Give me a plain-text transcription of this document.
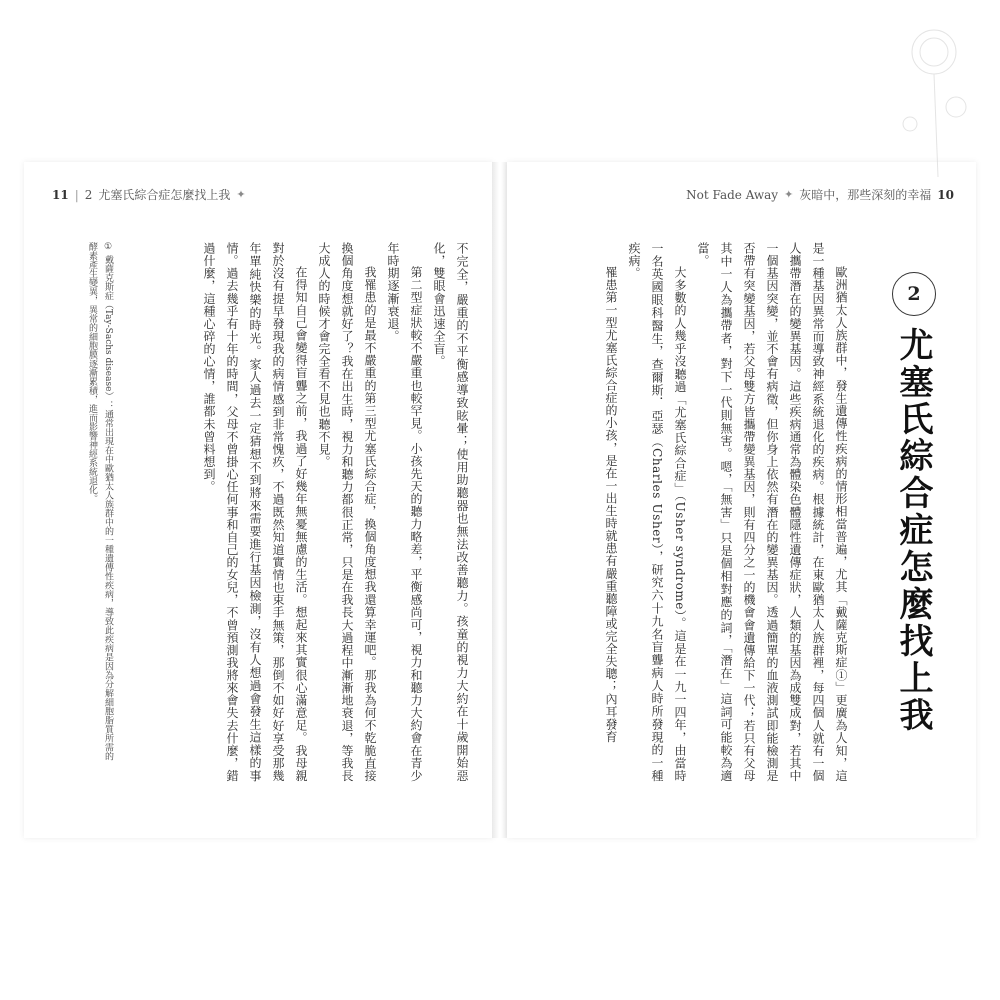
11 | 2 尤塞氏綜合症怎麼找上我 ✦

不完全，嚴重的不平衡感導致眩暈；使用助聽器也無法改善聽力。孩童的視力大約在十歲開始惡化，雙眼會迅速全盲。

第二型症狀較不嚴重也較罕見。小孩先天的聽力略差，平衡感尚可，視力和聽力大約會在青少年時期逐漸衰退。

我罹患的是最不嚴重的第三型尤塞氏綜合症，換個角度想我還算幸運吧。那我為何不乾脆直接換個角度想就好了？我在出生時，視力和聽力都很正常，只是在我長大過程中漸漸地衰退，等我長大成人的時候才會完全看不見也聽不見。

在得知自己會變得盲聾之前，我過了好幾年無憂無慮的生活。想起來其實很心滿意足。我母親對於沒有提早發現我的病情感到非常愧疚，不過既然知道實情也束手無策，那倒不如好好享受那幾年單純快樂的時光。家人過去一定猜想不到將來需要進行基因檢測，沒有人想過會發生這樣的事情。過去幾乎有十年的時間，父母不曾掛心任何事和自己的女兒，不曾預測我將來會失去什麼，錯過什麼，這種心碎的心情，誰都未曾料想到。

① 戴薩克斯症（Tay-Sachs disease）：通常出現在中歐猶太人族群中的一種遺傳性疾病，導致此疾病是因為分解細胞脂質所需的酵素產生變異，異常的細胞膜逐漸累積，進而影響神經系統退化。
Not Fade Away ✦ 灰暗中，那些深刻的幸福 10
2
尤塞氏綜合症怎麼找上我

歐洲猶太人族群中，發生遺傳性疾病的情形相當普遍，尤其「戴薩克斯症①」更廣為人知，這是一種基因異常而導致神經系統退化的疾病。根據統計，在東歐猶太人族群裡，每四個人就有一個人攜帶潛在的變異基因。這些疾病通常為體染色體隱性遺傳症狀，人類的基因為成雙成對，若其中一個基因突變，並不會有病徵，但你身上依然有潛在的變異基因。透過簡單的血液測試即能檢測是否帶有突變基因，若父母雙方皆攜帶變異基因，則有四分之一的機會會遺傳給下一代；若只有父母其中一人為攜帶者，對下一代則無害。嗯，「無害」只是個相對應的詞，「潛在」這詞可能較為適當。

大多數的人幾乎沒聽過「尤塞氏綜合症」（Usher syndrome）。這是在一九一四年，由當時一名英國眼科醫生，查爾斯．亞瑟（Charles Usher），研究六十九名盲聾病人時所發現的一種疾病。

罹患第一型尤塞氏綜合症的小孩，是在一出生時就患有嚴重聽障或完全失聰；內耳發育
